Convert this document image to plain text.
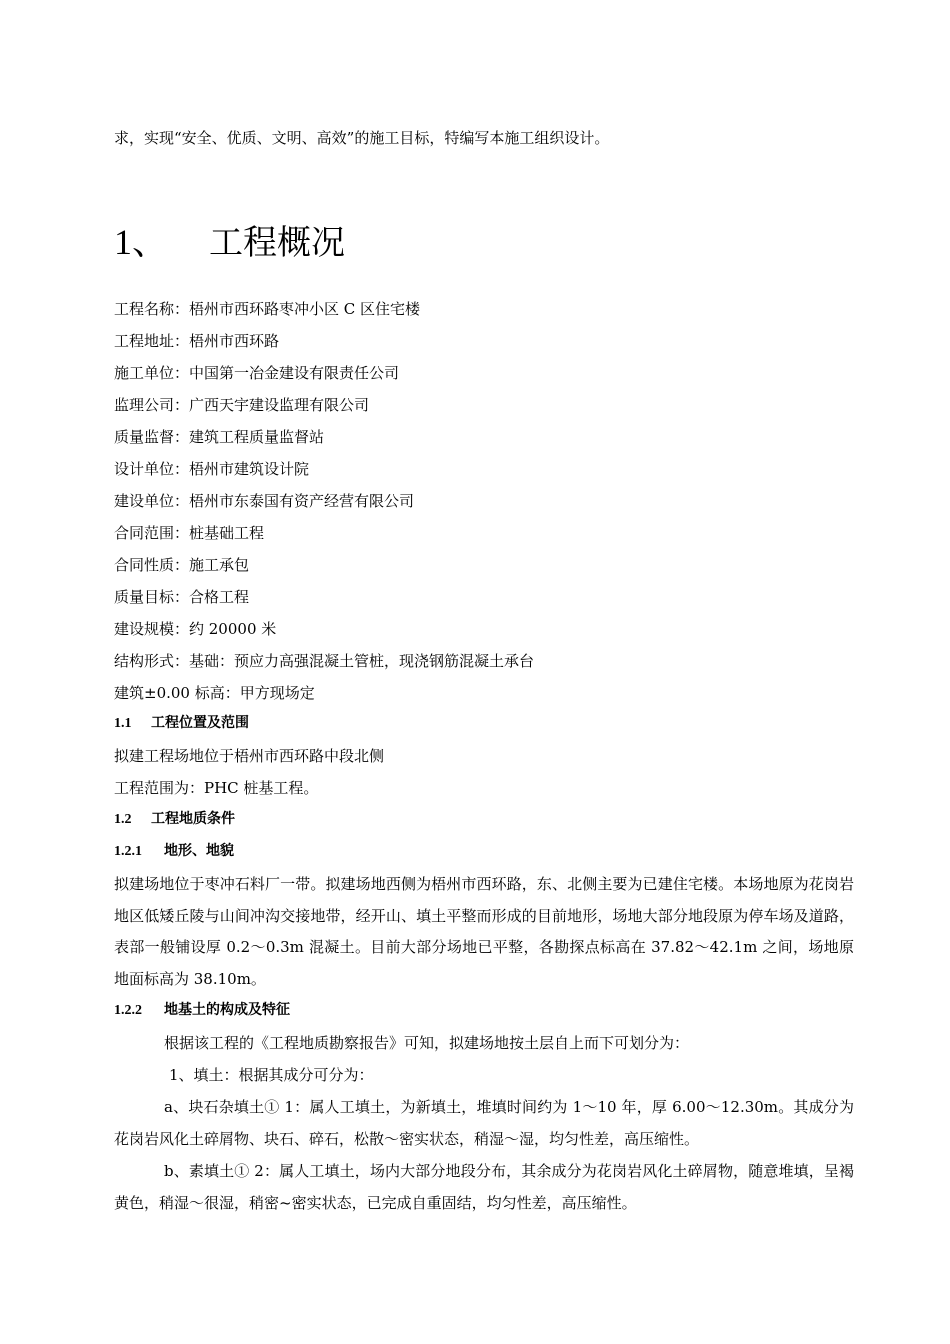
求，实现“安全、优质、文明、高效”的施工目标，特编写本施工组织设计。
1、 工程概况
工程名称：梧州市西环路枣冲小区 C 区住宅楼
工程地址：梧州市西环路
施工单位：中国第一冶金建设有限责任公司
监理公司：广西天宇建设监理有限公司
质量监督：建筑工程质量监督站
设计单位：梧州市建筑设计院
建设单位：梧州市东泰国有资产经营有限公司
合同范围：桩基础工程
合同性质：施工承包
质量目标：合格工程
建设规模：约 20000 米
结构形式：基础：预应力高强混凝土管桩，现浇钢筋混凝土承台
建筑±0.00 标高：甲方现场定
1.1 工程位置及范围
拟建工程场地位于梧州市西环路中段北侧
工程范围为：PHC 桩基工程。
1.2 工程地质条件
1.2.1 地形、地貌
拟建场地位于枣冲石料厂一带。拟建场地西侧为梧州市西环路，东、北侧主要为已建住宅楼。本场地原为花岗岩地区低矮丘陵与山间冲沟交接地带，经开山、填土平整而形成的目前地形，场地大部分地段原为停车场及道路，表部一般铺设厚 0.2～0.3m 混凝土。目前大部分场地已平整，各勘探点标高在 37.82～42.1m 之间，场地原地面标高为 38.10m。
1.2.2 地基土的构成及特征
根据该工程的《工程地质勘察报告》可知，拟建场地按土层自上而下可划分为：
1、填土：根据其成分可分为：
a、块石杂填土① 1：属人工填土，为新填土，堆填时间约为 1～10 年，厚 6.00～12.30m。其成分为花岗岩风化土碎屑物、块石、碎石，松散～密实状态，稍湿～湿，均匀性差，高压缩性。
b、素填土① 2：属人工填土，场内大部分地段分布，其余成分为花岗岩风化土碎屑物，随意堆填，呈褐黄色，稍湿～很湿，稍密~密实状态，已完成自重固结，均匀性差，高压缩性。
